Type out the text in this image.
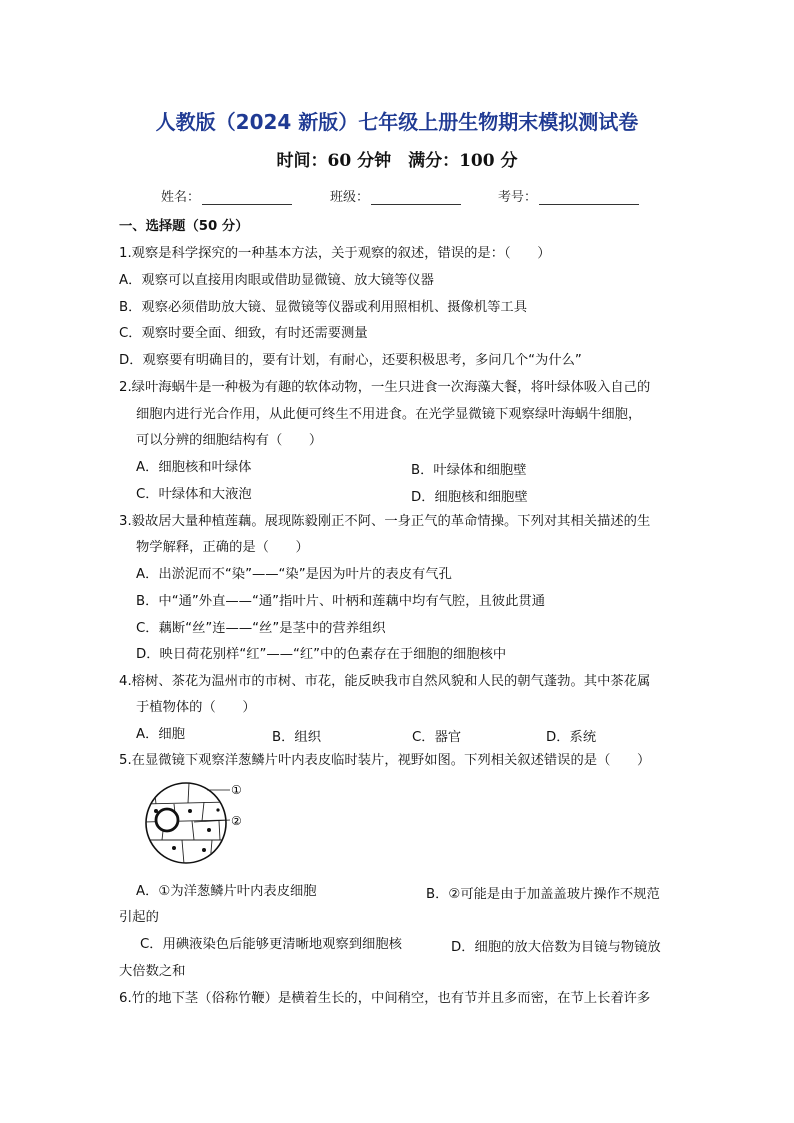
人教版（2024 新版）七年级上册生物期末模拟测试卷
时间：60 分钟　满分：100 分
姓名：	班级：	考号：
一、选择题（50 分）
1.观察是科学探究的一种基本方法，关于观察的叙述，错误的是：（　　）
A．观察可以直接用肉眼或借助显微镜、放大镜等仪器
B．观察必须借助放大镜、显微镜等仪器或利用照相机、摄像机等工具
C．观察时要全面、细致，有时还需要测量
D．观察要有明确目的，要有计划，有耐心，还要积极思考，多问几个“为什么”
2.绿叶海蜗牛是一种极为有趣的软体动物，一生只进食一次海藻大餐，将叶绿体吸入自己的
细胞内进行光合作用，从此便可终生不用进食。在光学显微镜下观察绿叶海蜗牛细胞，
可以分辨的细胞结构有（　　）
A．细胞核和叶绿体	B．叶绿体和细胞壁
C．叶绿体和大液泡	D．细胞核和细胞壁
3.毅故居大量种植莲藕。展现陈毅刚正不阿、一身正气的革命情操。下列对其相关描述的生
物学解释，正确的是（　　）
A．出淤泥而不“染”——“染”是因为叶片的表皮有气孔
B．中“通”外直——“通”指叶片、叶柄和莲藕中均有气腔，且彼此贯通
C．藕断“丝”连——“丝”是茎中的营养组织
D．映日荷花别样“红”——“红”中的色素存在于细胞的细胞核中
4.榕树、茶花为温州市的市树、市花，能反映我市自然风貌和人民的朝气蓬勃。其中茶花属
于植物体的（　　）
A．细胞	B．组织	C．器官	D．系统
5.在显微镜下观察洋葱鳞片叶内表皮临时装片，视野如图。下列相关叙述错误的是（　　）
①
②
A．①为洋葱鳞片叶内表皮细胞	B．②可能是由于加盖盖玻片操作不规范
引起的
C．用碘液染色后能够更清晰地观察到细胞核	D．细胞的放大倍数为目镜与物镜放
大倍数之和
6.竹的地下茎（俗称竹鞭）是横着生长的，中间稍空，也有节并且多而密，在节上长着许多
